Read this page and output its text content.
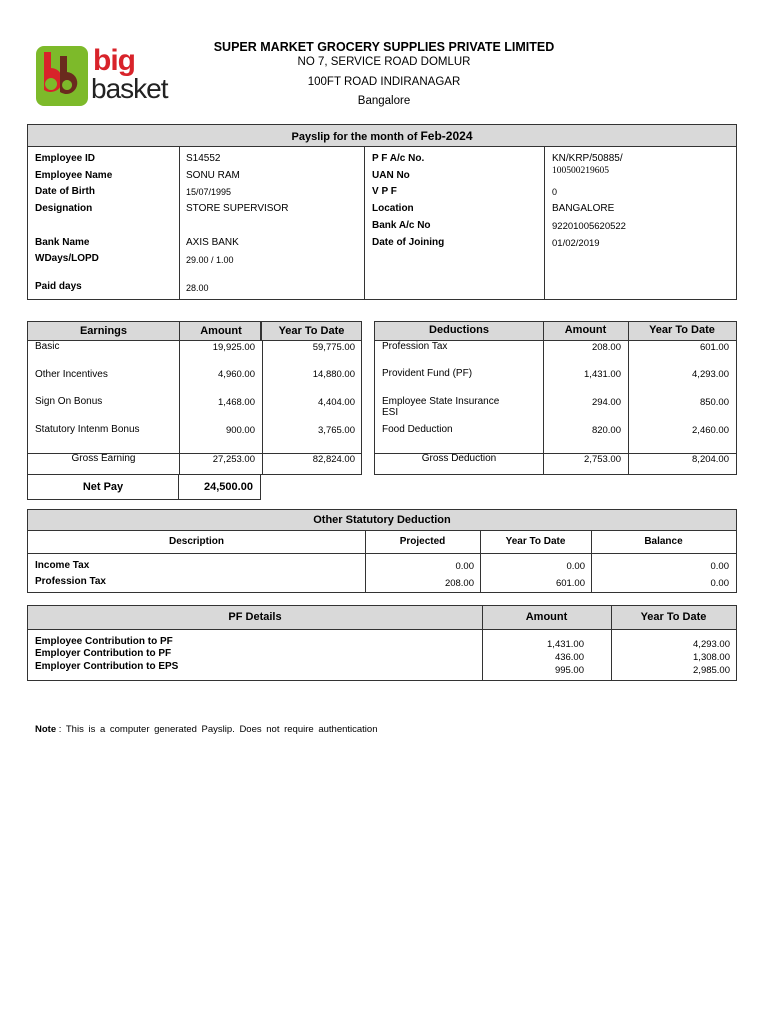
big
basket
SUPER MARKET GROCERY SUPPLIES PRIVATE LIMITED
NO 7, SERVICE ROAD DOMLUR
100FT ROAD INDIRANAGAR
Bangalore
Payslip for the month of Feb-2024
Employee ID	S14552
Employee Name	SONU RAM
Date of Birth	15/07/1995
Designation	STORE SUPERVISOR
Bank Name	AXIS BANK
WDays/LOPD	29.00 / 1.00
Paid days	28.00
P F A/c No.	KN/KRP/50885/
100500219605
UAN No
V P F	0
Location	BANGALORE
Bank A/c No	92201005620522
Date of Joining	01/02/2019
Earnings	Amount	Year To Date
Basic	19,925.00	59,775.00
Other Incentives	4,960.00	14,880.00
Sign On Bonus	1,468.00	4,404.00
Statutory Intenm Bonus	900.00	3,765.00
Gross Earning	27,253.00	82,824.00
Net Pay	24,500.00
Deductions	Amount	Year To Date
Profession Tax	208.00	601.00
Provident Fund (PF)	1,431.00	4,293.00
Employee State Insurance
ESI
294.00	850.00
Food Deduction	820.00	2,460.00
Gross Deduction	2,753.00	8,204.00
Other Statutory Deduction
Description	Projected	Year To Date	Balance
Income Tax	0.00	0.00	0.00
Profession Tax	208.00	601.00	0.00
PF Details	Amount	Year To Date
Employee Contribution to PF	1,431.00	4,293.00
Employer Contribution to PF	436.00	1,308.00
Employer Contribution to EPS	995.00	2,985.00
Note : This is a computer generated Payslip. Does not require authentication
